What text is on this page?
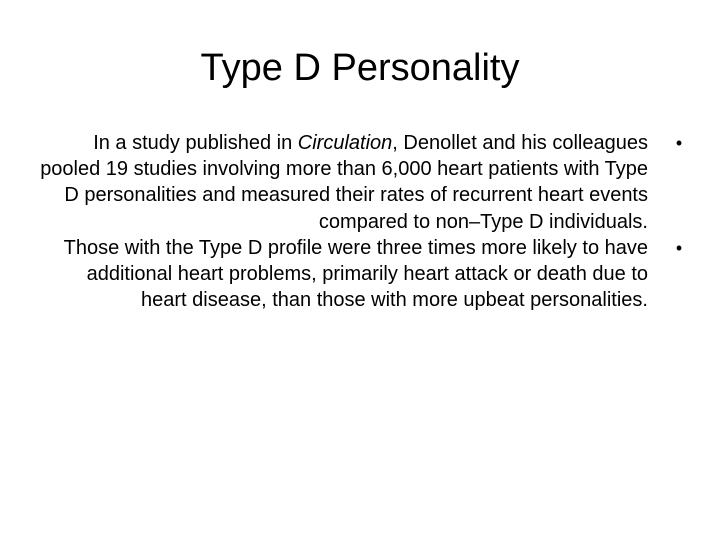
Type D Personality
•
In a study published in Circulation, Denollet and his colleagues pooled 19 studies involving more than 6,000 heart patients with Type D personalities and measured their rates of recurrent heart events compared to non–Type D individuals.
•
Those with the Type D profile were three times more likely to have additional heart problems, primarily heart attack or death due to heart disease, than those with more upbeat personalities.
